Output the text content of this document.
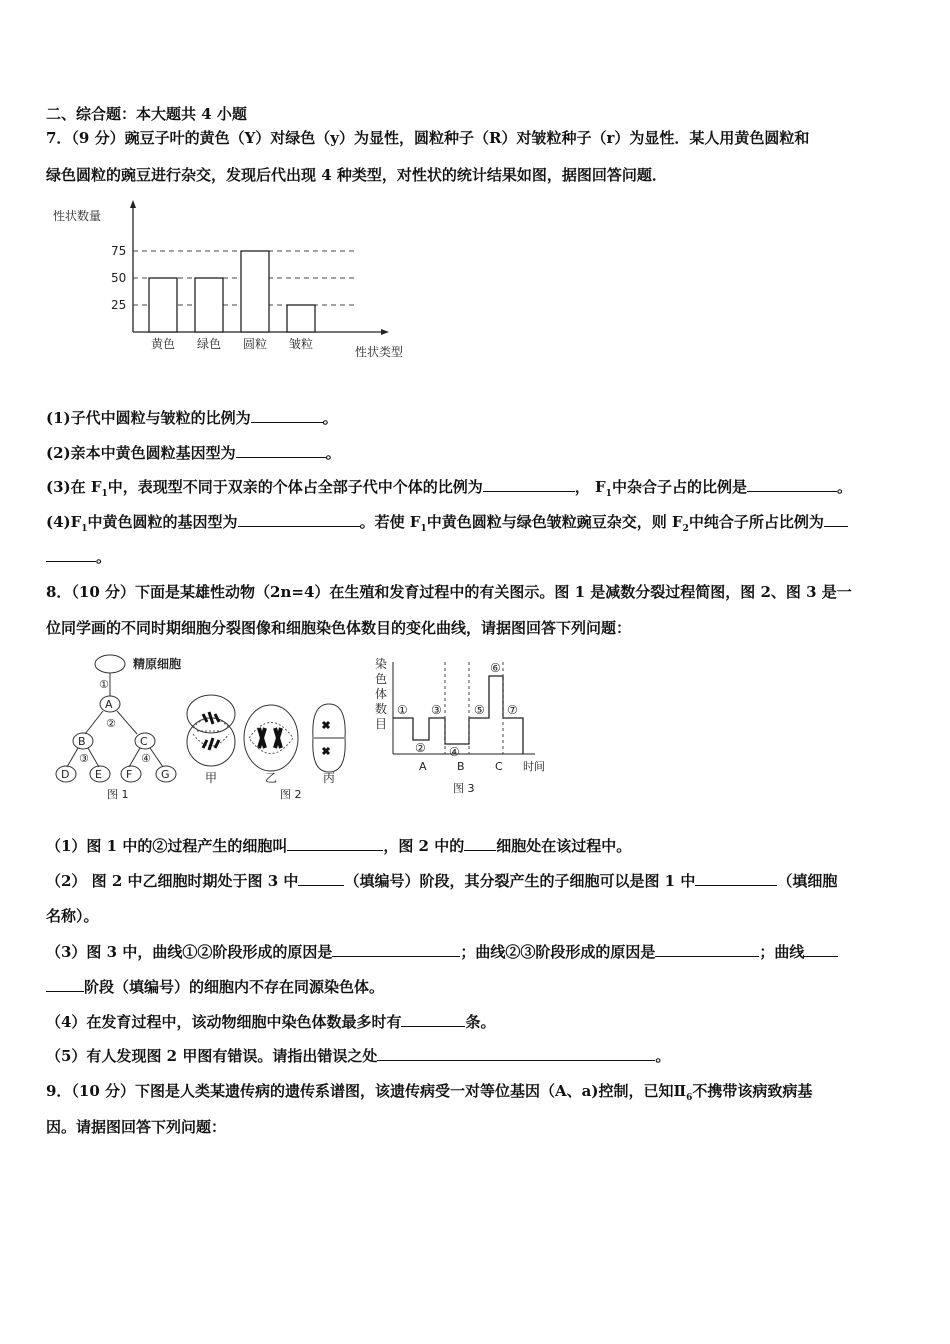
二、综合题：本大题共 4 小题
7．（9 分）豌豆子叶的黄色（Y）对绿色（y）为显性，圆粒种子（R）对皱粒种子（r）为显性．某人用黄色圆粒和
绿色圆粒的豌豆进行杂交，发现后代出现 4 种类型，对性状的统计结果如图，据图回答问题．
性状数量
25
50
75
黄色 绿色 圆粒 皱粒
性状类型
(1)子代中圆粒与皱粒的比例为	。
(2)亲本中黄色圆粒基因型为	。
(3)在 $F_1$中，表现型不同于双亲的个体占全部子代中个体的比例为	， $F_1$中杂合子占的比例是	。
$(4)F_1$中黄色圆粒的基因型为	。若使 $F_1$中黄色圆粒与绿色皱粒豌豆杂交，则 $F_2$中纯合子所占比例为
。
8．（10 分）下面是某雄性动物（2n=4）在生殖和发育过程中的有关图示。图 1 是减数分裂过程简图，图 2、图 3 是一
位同学画的不同时期细胞分裂图像和细胞染色体数目的变化曲线，请据图回答下列问题：
精原细胞
①
A
②
B	C
③	④
D E F	G
图 1
甲	乙	丙
图 2
染
色
体
数
目
①
②
③
④
⑤
⑥
⑦
A	B	C 时间
图 3
（1）图 1 中的②过程产生的细胞叫	，图 2 中的 细胞处在该过程中。
（2） 图 2 中乙细胞时期处于图 3 中	（填编号）阶段，其分裂产生的子细胞可以是图 1 中	（填细胞
名称）。
（3）图 3 中，曲线①②阶段形成的原因是	；曲线②③阶段形成的原因是	；曲线
阶段（填编号）的细胞内不存在同源染色体。
（4）在发育过程中，该动物细胞中染色体数最多时有	条。
（5）有人发现图 2 甲图有错误。请指出错误之处	。
9．（10 分）下图是人类某遗传病的遗传系谱图，该遗传病受一对等位基因（A、a)控制，已知$Ⅱ_6$不携带该病致病基
因。请据图回答下列问题：
